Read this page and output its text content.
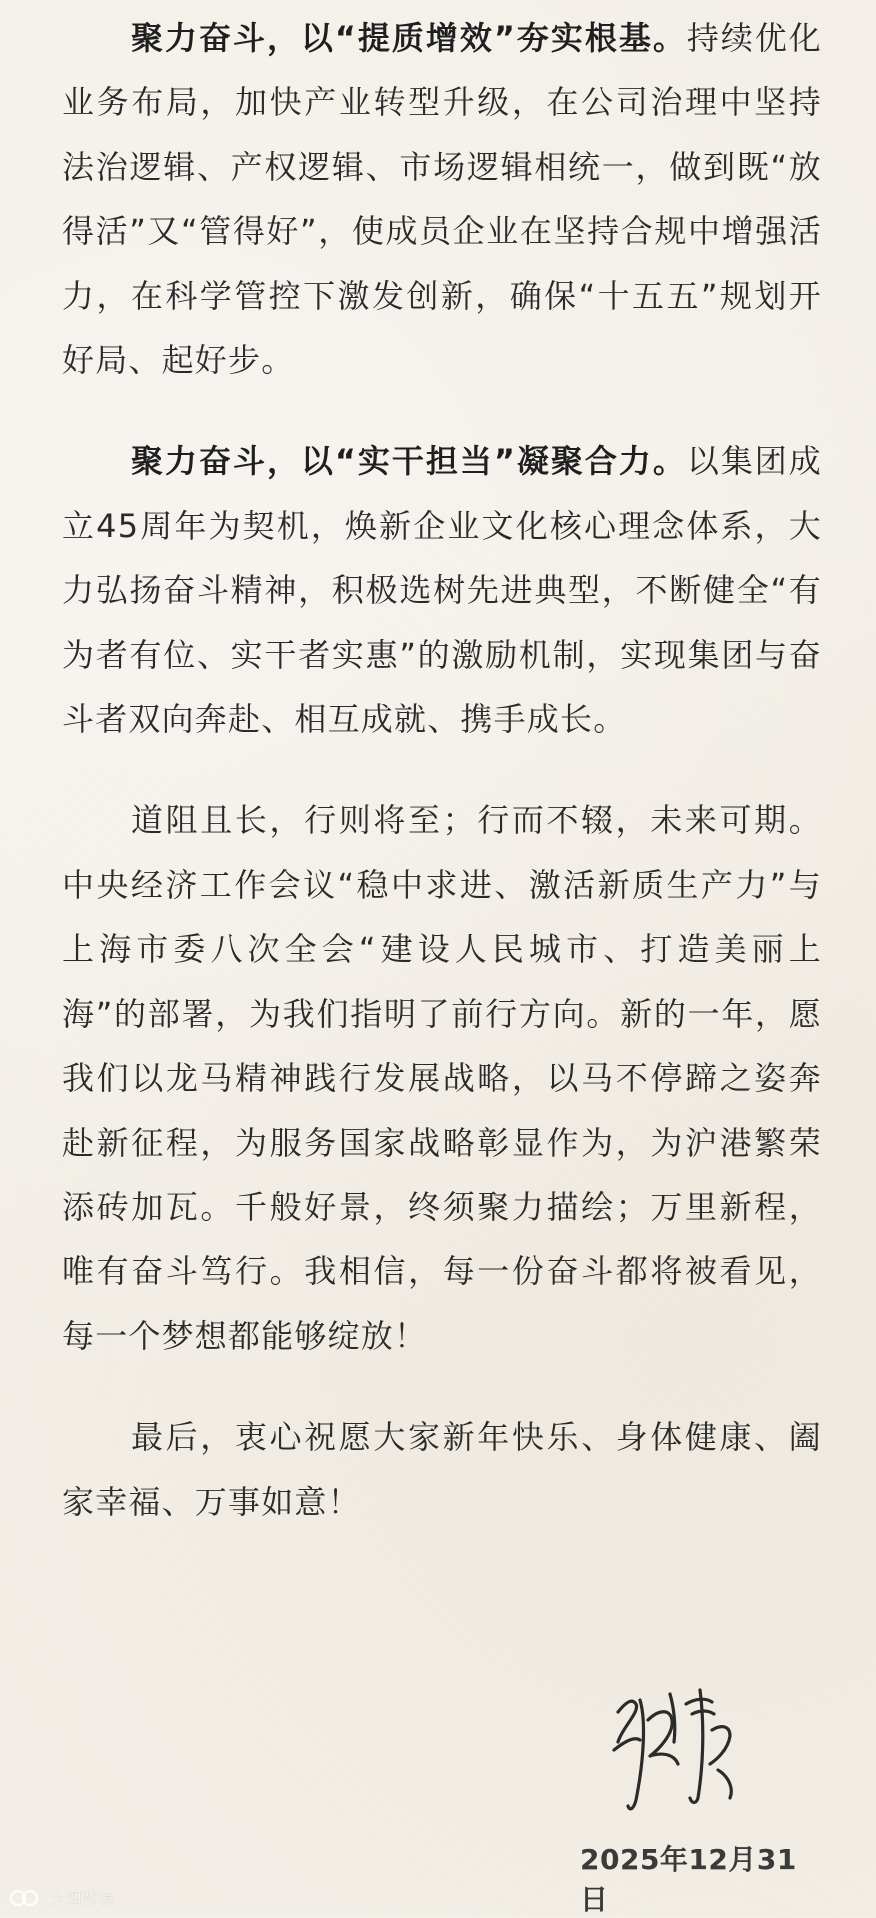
聚力奋斗，以“提质增效”夯实根基。持续优化业务布局，加快产业转型升级，在公司治理中坚持法治逻辑、产权逻辑、市场逻辑相统一，做到既“放得活”又“管得好”，使成员企业在坚持合规中增强活力，在科学管控下激发创新，确保“十五五”规划开好局、起好步。

聚力奋斗，以“实干担当”凝聚合力。以集团成立45周年为契机，焕新企业文化核心理念体系，大力弘扬奋斗精神，积极选树先进典型，不断健全“有为者有位、实干者实惠”的激励机制，实现集团与奋斗者双向奔赴、相互成就、携手成长。

道阻且长，行则将至；行而不辍，未来可期。中央经济工作会议“稳中求进、激活新质生产力”与上海市委八次全会“建设人民城市、打造美丽上海”的部署，为我们指明了前行方向。新的一年，愿我们以龙马精神践行发展战略，以马不停蹄之姿奔赴新征程，为服务国家战略彰显作为，为沪港繁荣添砖加瓦。千般好景，终须聚力描绘；万里新程，唯有奋斗笃行。我相信，每一份奋斗都将被看见，每一个梦想都能够绽放！

最后，衷心祝愿大家新年快乐、身体健康、阖家幸福、万事如意！

2025年12月31日
大图跨境
